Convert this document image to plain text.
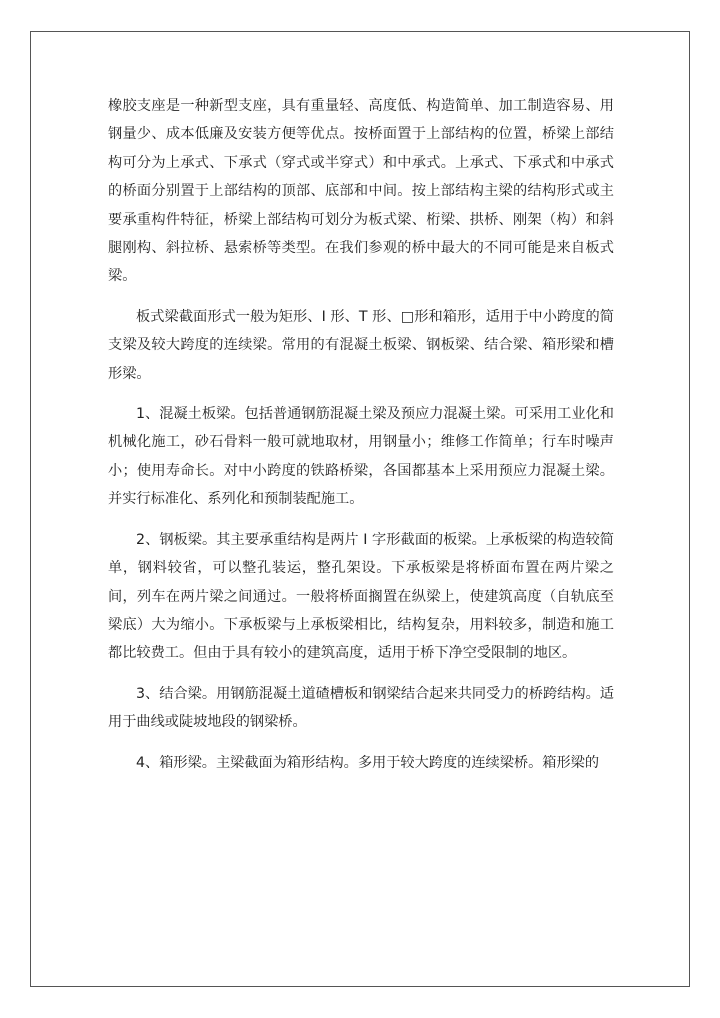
橡胶支座是一种新型支座，具有重量轻、高度低、构造简单、加工制造容易、用钢量少、成本低廉及安装方便等优点。按桥面置于上部结构的位置，桥梁上部结构可分为上承式、下承式（穿式或半穿式）和中承式。上承式、下承式和中承式的桥面分别置于上部结构的顶部、底部和中间。按上部结构主梁的结构形式或主要承重构件特征，桥梁上部结构可划分为板式梁、桁梁、拱桥、刚架（构）和斜腿刚构、斜拉桥、悬索桥等类型。在我们参观的桥中最大的不同可能是来自板式梁。

板式梁截面形式一般为矩形、I 形、T 形、□形和箱形，适用于中小跨度的简支梁及较大跨度的连续梁。常用的有混凝土板梁、钢板梁、结合梁、箱形梁和槽形梁。

1、混凝土板梁。包括普通钢筋混凝土梁及预应力混凝土梁。可采用工业化和机械化施工，砂石骨料一般可就地取材，用钢量小；维修工作简单；行车时噪声小；使用寿命长。对中小跨度的铁路桥梁，各国都基本上采用预应力混凝土梁。并实行标准化、系列化和预制装配施工。

2、钢板梁。其主要承重结构是两片 I 字形截面的板梁。上承板梁的构造较简单，钢料较省，可以整孔装运，整孔架设。下承板梁是将桥面布置在两片梁之间，列车在两片梁之间通过。一般将桥面搁置在纵梁上，使建筑高度（自轨底至梁底）大为缩小。下承板梁与上承板梁相比，结构复杂，用料较多，制造和施工都比较费工。但由于具有较小的建筑高度，适用于桥下净空受限制的地区。

3、结合梁。用钢筋混凝土道碴槽板和钢梁结合起来共同受力的桥跨结构。适用于曲线或陡坡地段的钢梁桥。

4、箱形梁。主梁截面为箱形结构。多用于较大跨度的连续梁桥。箱形梁的
